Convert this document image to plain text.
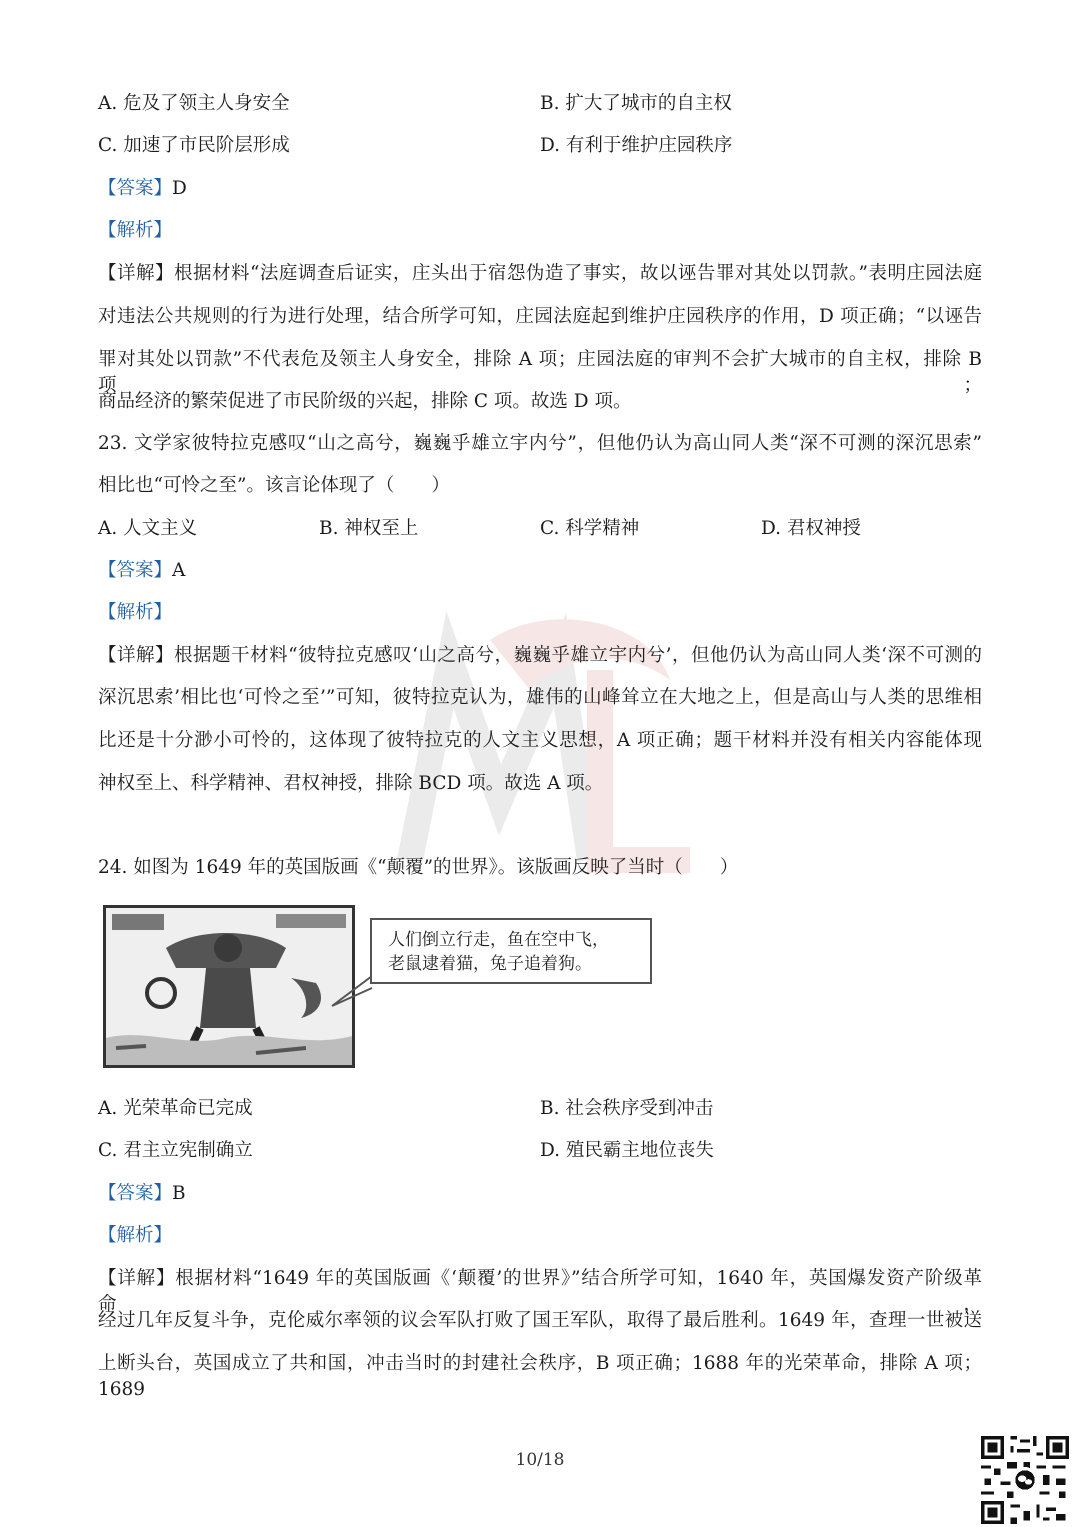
A. 危及了领主人身安全	B. 扩大了城市的自主权
C. 加速了市民阶层形成	D. 有利于维护庄园秩序
【答案】D
【解析】
【详解】根据材料“法庭调查后证实，庄头出于宿怨伪造了事实，故以诬告罪对其处以罚款。”表明庄园法庭
对违法公共规则的行为进行处理，结合所学可知，庄园法庭起到维护庄园秩序的作用，D 项正确；“以诬告
罪对其处以罚款”不代表危及领主人身安全，排除 A 项；庄园法庭的审判不会扩大城市的自主权，排除 B 项；
商品经济的繁荣促进了市民阶级的兴起，排除 C 项。故选 D 项。
23. 文学家彼特拉克感叹“山之高兮，巍巍乎雄立宇内兮”，但他仍认为高山同人类“深不可测的深沉思索”
相比也“可怜之至”。该言论体现了（　　）
A. 人文主义	B. 神权至上	C. 科学精神	D. 君权神授
【答案】A
【解析】
【详解】根据题干材料“彼特拉克感叹‘山之高兮，巍巍乎雄立宇内兮’，但他仍认为高山同人类‘深不可测的
深沉思索’相比也‘可怜之至’”可知，彼特拉克认为，雄伟的山峰耸立在大地之上，但是高山与人类的思维相
比还是十分渺小可怜的，这体现了彼特拉克的人文主义思想，A 项正确；题干材料并没有相关内容能体现
神权至上、科学精神、君权神授，排除 BCD 项。故选 A 项。
24. 如图为 1649 年的英国版画《“颠覆”的世界》。该版画反映了当时（　　）
人们倒立行走，鱼在空中飞，
老鼠逮着猫，兔子追着狗。
A. 光荣革命已完成	B. 社会秩序受到冲击
C. 君主立宪制确立	D. 殖民霸主地位丧失
【答案】B
【解析】
【详解】根据材料“1649 年的英国版画《‘颠覆’的世界》”结合所学可知，1640 年，英国爆发资产阶级革命，
经过几年反复斗争，克伦威尔率领的议会军队打败了国王军队，取得了最后胜利。1649 年，查理一世被送
上断头台，英国成立了共和国，冲击当时的封建社会秩序，B 项正确；1688 年的光荣革命，排除 A 项；1689
10/18
